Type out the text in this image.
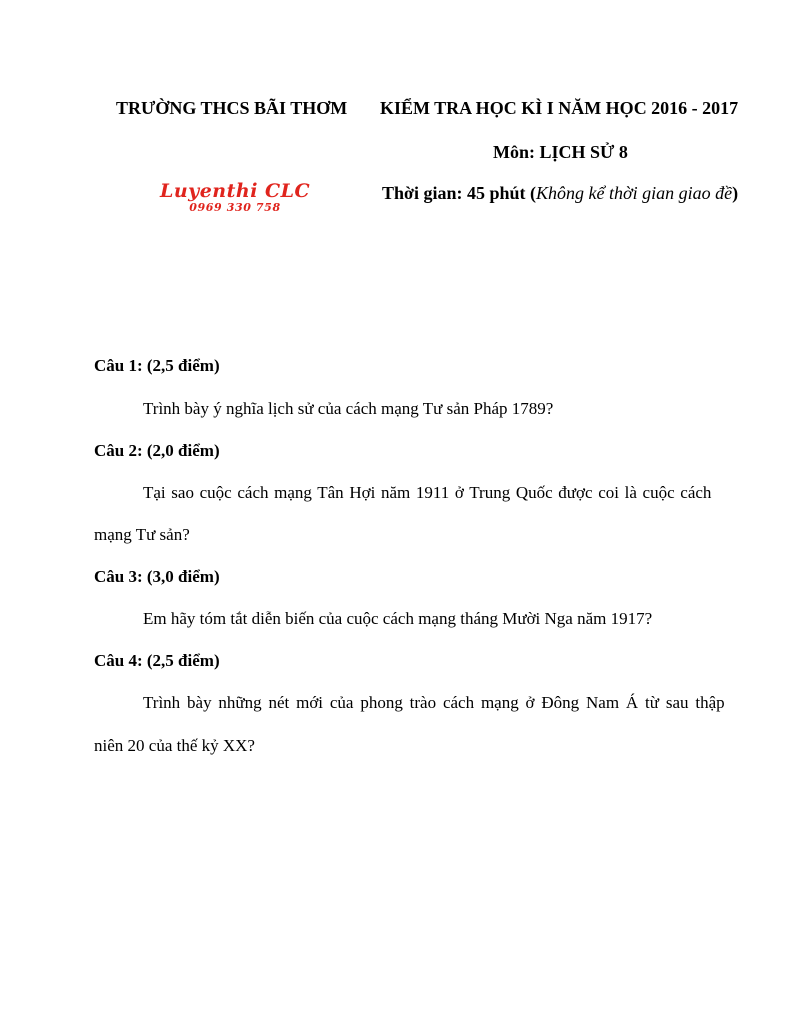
TRƯỜNG THCS BÃI THƠM KIỂM TRA HỌC KÌ I NĂM HỌC 2016 - 2017
Môn: LỊCH SỬ 8
Thời gian: 45 phút (Không kể thời gian giao đề)
Luyenthi CLC
0969 330 758
Câu 1: (2,5 điểm)
Trình bày ý nghĩa lịch sử của cách mạng Tư sản Pháp 1789?
Câu 2: (2,0 điểm)
Tại sao cuộc cách mạng Tân Hợi năm 1911 ở Trung Quốc được coi là cuộc cách
mạng Tư sản?
Câu 3: (3,0 điểm)
Em hãy tóm tắt diễn biến của cuộc cách mạng tháng Mười Nga năm 1917?
Câu 4: (2,5 điểm)
Trình bày những nét mới của phong trào cách mạng ở Đông Nam Á từ sau thập
niên 20 của thế kỷ XX?
